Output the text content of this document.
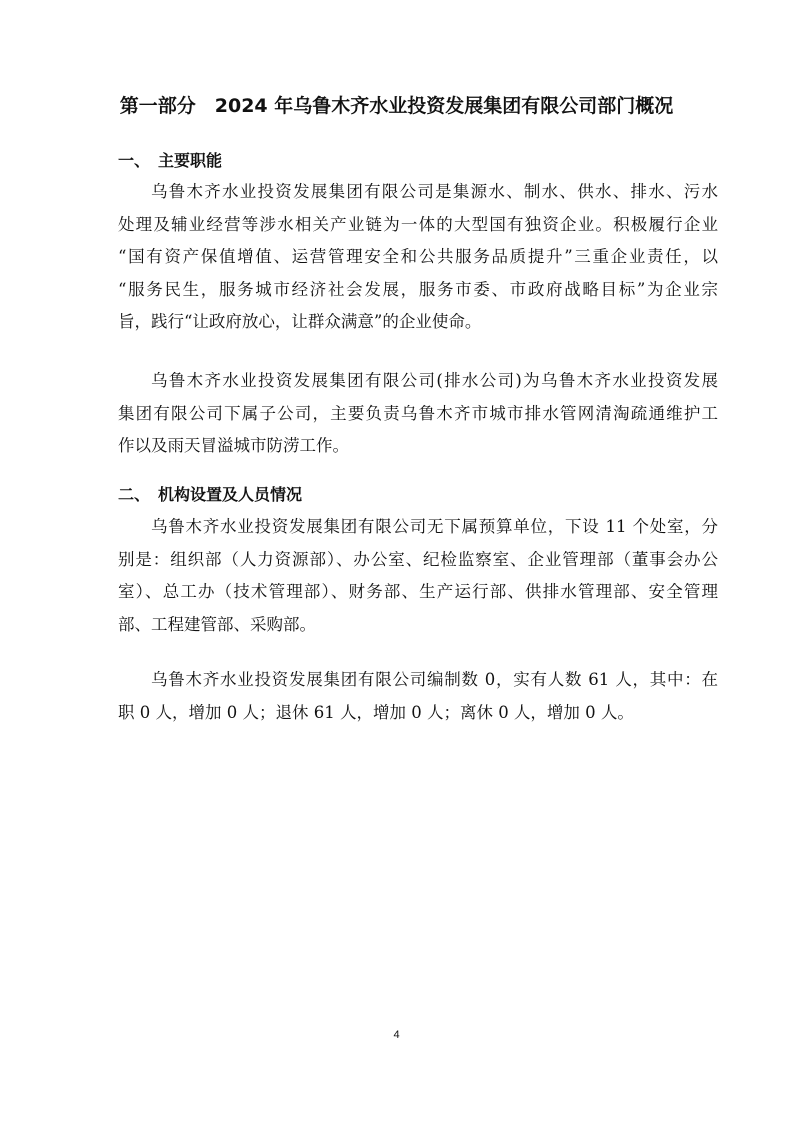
第一部分　2024 年乌鲁木齐水业投资发展集团有限公司部门概况
一、　主要职能
乌鲁木齐水业投资发展集团有限公司是集源水、制水、供水、排水、污水
处理及辅业经营等涉水相关产业链为一体的大型国有独资企业。积极履行企业
“国有资产保值增值、运营管理安全和公共服务品质提升”三重企业责任，以
“服务民生，服务城市经济社会发展，服务市委、市政府战略目标”为企业宗
旨，践行“让政府放心，让群众满意”的企业使命。
乌鲁木齐水业投资发展集团有限公司(排水公司)为乌鲁木齐水业投资发展
集团有限公司下属子公司，主要负责乌鲁木齐市城市排水管网清淘疏通维护工
作以及雨天冒溢城市防涝工作。
二、　机构设置及人员情况
乌鲁木齐水业投资发展集团有限公司无下属预算单位，下设 11 个处室，分
别是：组织部（人力资源部）、办公室、纪检监察室、企业管理部（董事会办公
室）、总工办（技术管理部）、财务部、生产运行部、供排水管理部、安全管理
部、工程建管部、采购部。
乌鲁木齐水业投资发展集团有限公司编制数 0，实有人数 61 人，其中：在
职 0 人，增加 0 人；退休 61 人，增加 0 人；离休 0 人，增加 0 人。
4
